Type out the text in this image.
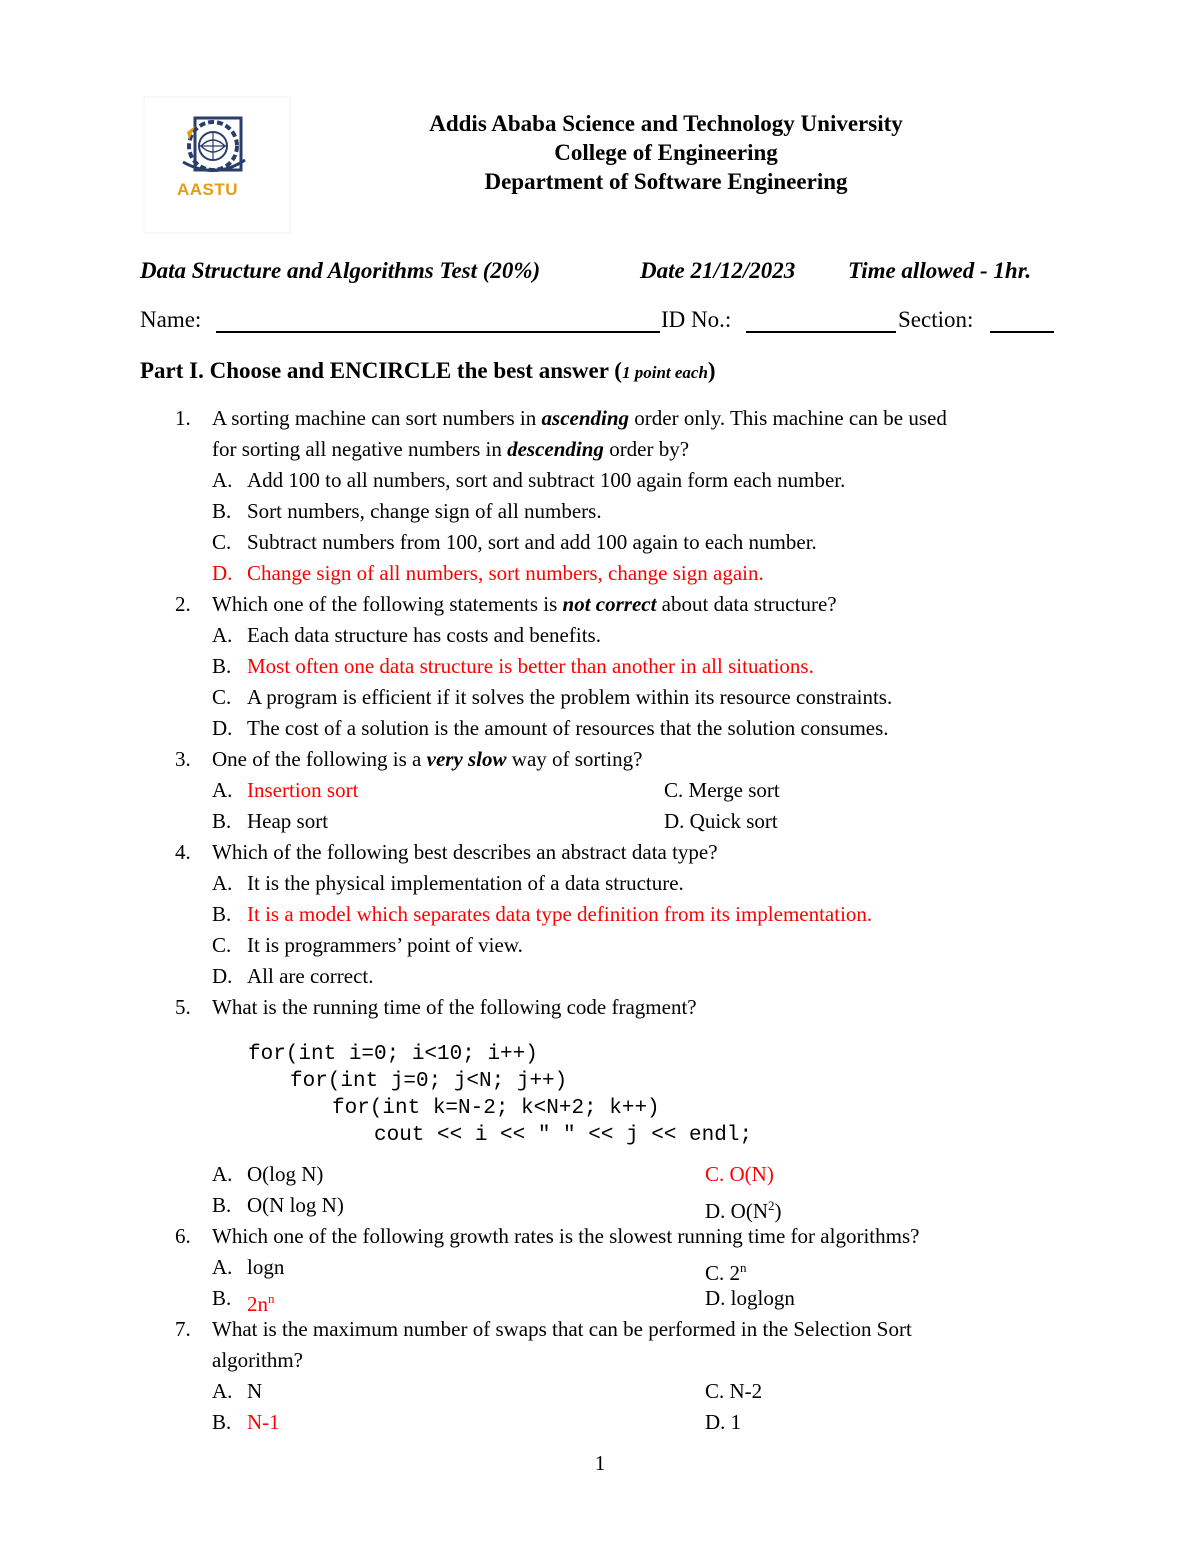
AASTU
Addis Ababa Science and Technology University
College of Engineering
Department of Software Engineering
Data Structure and Algorithms Test (20%)	Date 21/12/2023 Time allowed - 1hr.
Name:	ID No.:	Section:
Part I. Choose and ENCIRCLE the best answer (1 point each)
1. A sorting machine can sort numbers in ascending order only. This machine can be used
for sorting all negative numbers in descending order by?
A. Add 100 to all numbers, sort and subtract 100 again form each number.
B. Sort numbers, change sign of all numbers.
C. Subtract numbers from 100, sort and add 100 again to each number.
D. Change sign of all numbers, sort numbers, change sign again.
2. Which one of the following statements is not correct about data structure?
A. Each data structure has costs and benefits.
B. Most often one data structure is better than another in all situations.
C. A program is efficient if it solves the problem within its resource constraints.
D. The cost of a solution is the amount of resources that the solution consumes.
3. One of the following is a very slow way of sorting?
A. Insertion sort
B. Heap sort
C. Merge sort
D. Quick sort
4. Which of the following best describes an abstract data type?
A. It is the physical implementation of a data structure.
B. It is a model which separates data type definition from its implementation.
C. It is programmers’ point of view.
D. All are correct.
5. What is the running time of the following code fragment?
for(int i=0; i<10; i++)
for(int j=0; j<N; j++)
for(int k=N-2; k<N+2; k++)
cout << i << " " << j << endl;
A. O(log N)
B. O(N log N)
C. O(N)
D. $O(N^2)$
6. Which one of the following growth rates is the slowest running time for algorithms?
A. logn
B. $2n^n$
C. 2$^n$
D. loglogn
7. What is the maximum number of swaps that can be performed in the Selection Sort
algorithm?
A. N
B. N-1
C. N-2
D. 1
1
